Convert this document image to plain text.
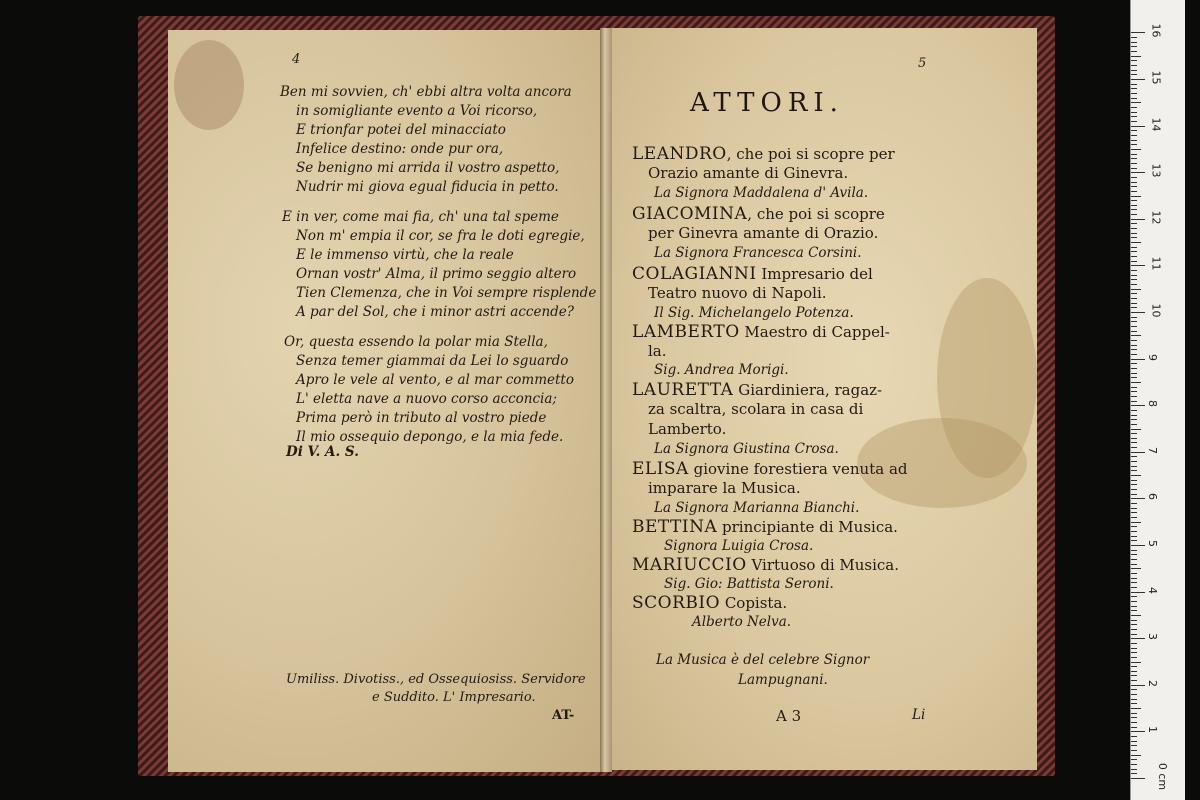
4
Ben mi sovvien, ch' ebbi altra volta ancora
in somigliante evento a Voi ricorso,
E trionfar potei del minacciato
Infelice destino: onde pur ora,
Se benigno mi arrida il vostro aspetto,
Nudrir mi giova egual fiducia in petto.
E in ver, come mai fia, ch' una tal speme
Non m' empia il cor, se fra le doti egregie,
E le immenso virtù, che la reale
Ornan vostr' Alma, il primo seggio altero
Tien Clemenza, che in Voi sempre risplende
A par del Sol, che i minor astri accende?
Or, questa essendo la polar mia Stella,
Senza temer giammai da Lei lo sguardo
Apro le vele al vento, e al mar commetto
L' eletta nave a nuovo corso acconcia;
Prima però in tributo al vostro piede
Il mio ossequio depongo, e la mia fede.
Di V. A. S.
Umiliss. Divotiss., ed Ossequiosiss. Servidore
e Suddito. L' Impresario.
AT-
5
ATTORI.
LEANDRO, che poi si scopre per
Orazio amante di Ginevra.
La Signora Maddalena d' Avila.
GIACOMINA, che poi si scopre
per Ginevra amante di Orazio.
La Signora Francesca Corsini.
COLAGIANNI Impresario del
Teatro nuovo di Napoli.
Il Sig. Michelangelo Potenza.
LAMBERTO Maestro di Cappel-
la.
Sig. Andrea Morigi.
LAURETTA Giardiniera, ragaz-
za scaltra, scolara in casa di
Lamberto.
La Signora Giustina Crosa.
ELISA giovine forestiera venuta ad
imparare la Musica.
La Signora Marianna Bianchi.
BETTINA principiante di Musica.
Signora Luigia Crosa.
MARIUCCIO Virtuoso di Musica.
Sig. Gio: Battista Seroni.
SCORBIO Copista.
Alberto Nelva.
La Musica è del celebre Signor
Lampugnani.
A 3	Li
0 cm
1
2
3
4
5
6
7
8
9
10
11
12
13
14
15
16
